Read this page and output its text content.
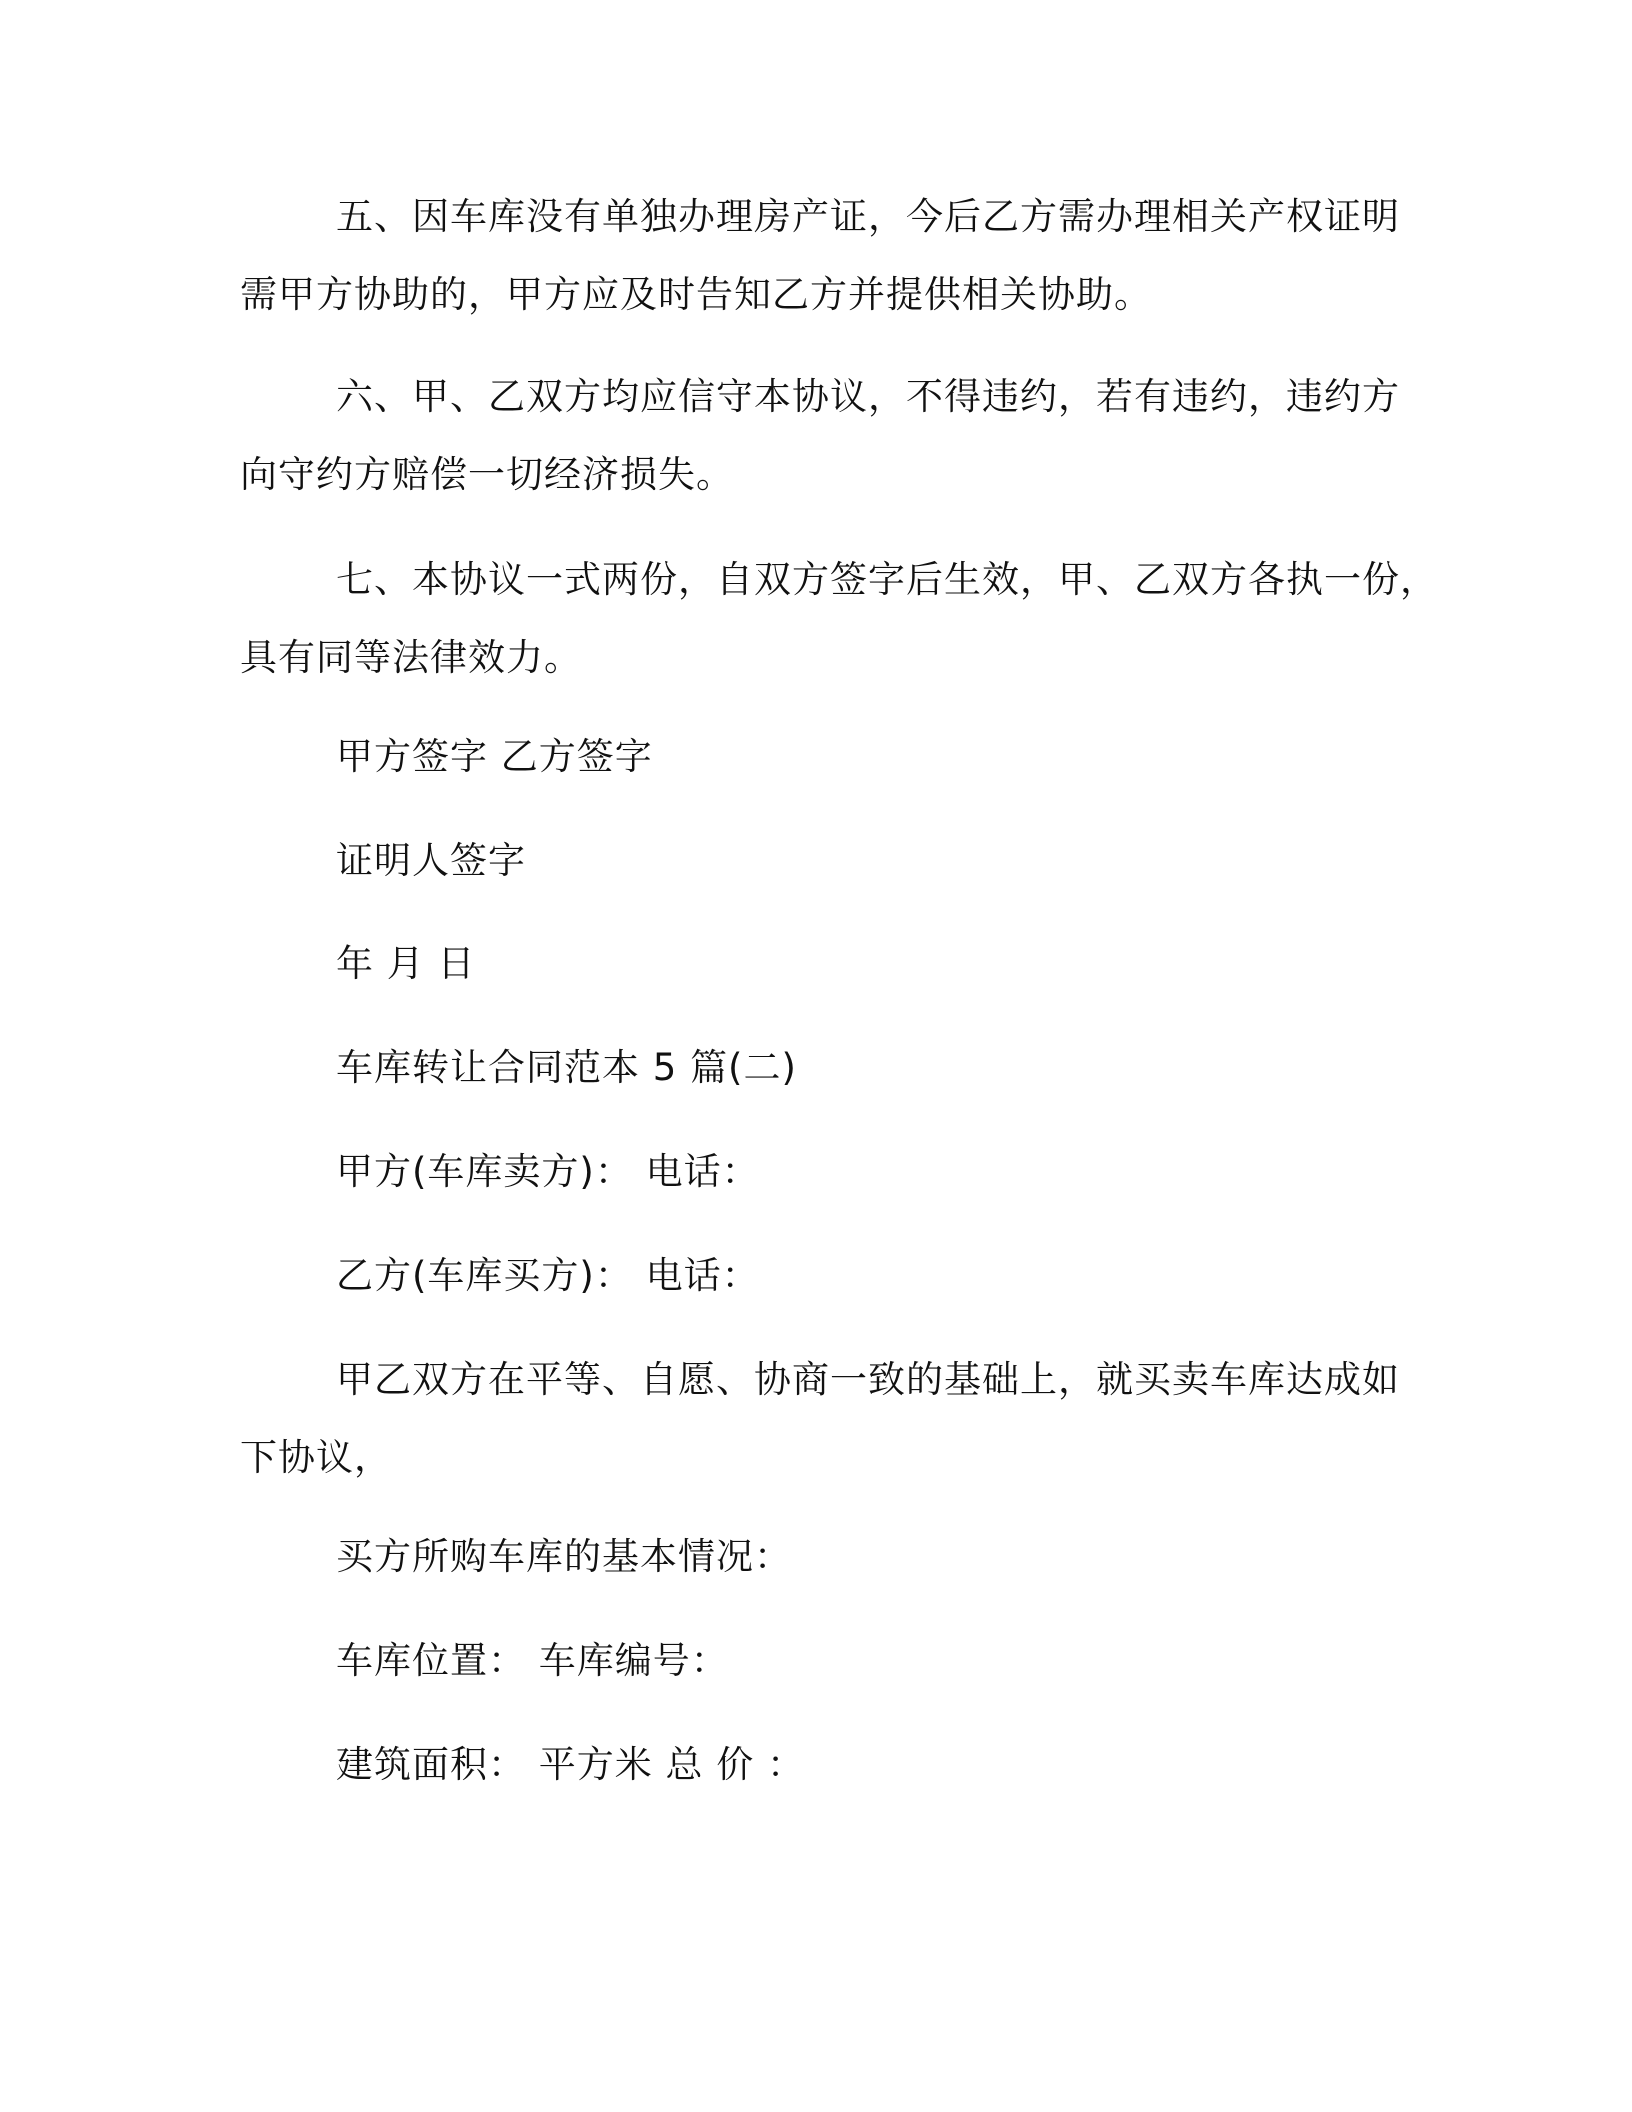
五、因车库没有单独办理房产证，今后乙方需办理相关产权证明
需甲方协助的，甲方应及时告知乙方并提供相关协助。
六、甲、乙双方均应信守本协议，不得违约，若有违约，违约方
向守约方赔偿一切经济损失。
七、本协议一式两份，自双方签字后生效，甲、乙双方各执一份，
具有同等法律效力。
甲方签字 乙方签字
证明人签字
年 月 日
车库转让合同范本 5 篇(二)
甲方(车库卖方)： 电话：
乙方(车库买方)： 电话：
甲乙双方在平等、自愿、协商一致的基础上，就买卖车库达成如
下协议，
买方所购车库的基本情况：
车库位置： 车库编号：
建筑面积： 平方米 总 价 ：
